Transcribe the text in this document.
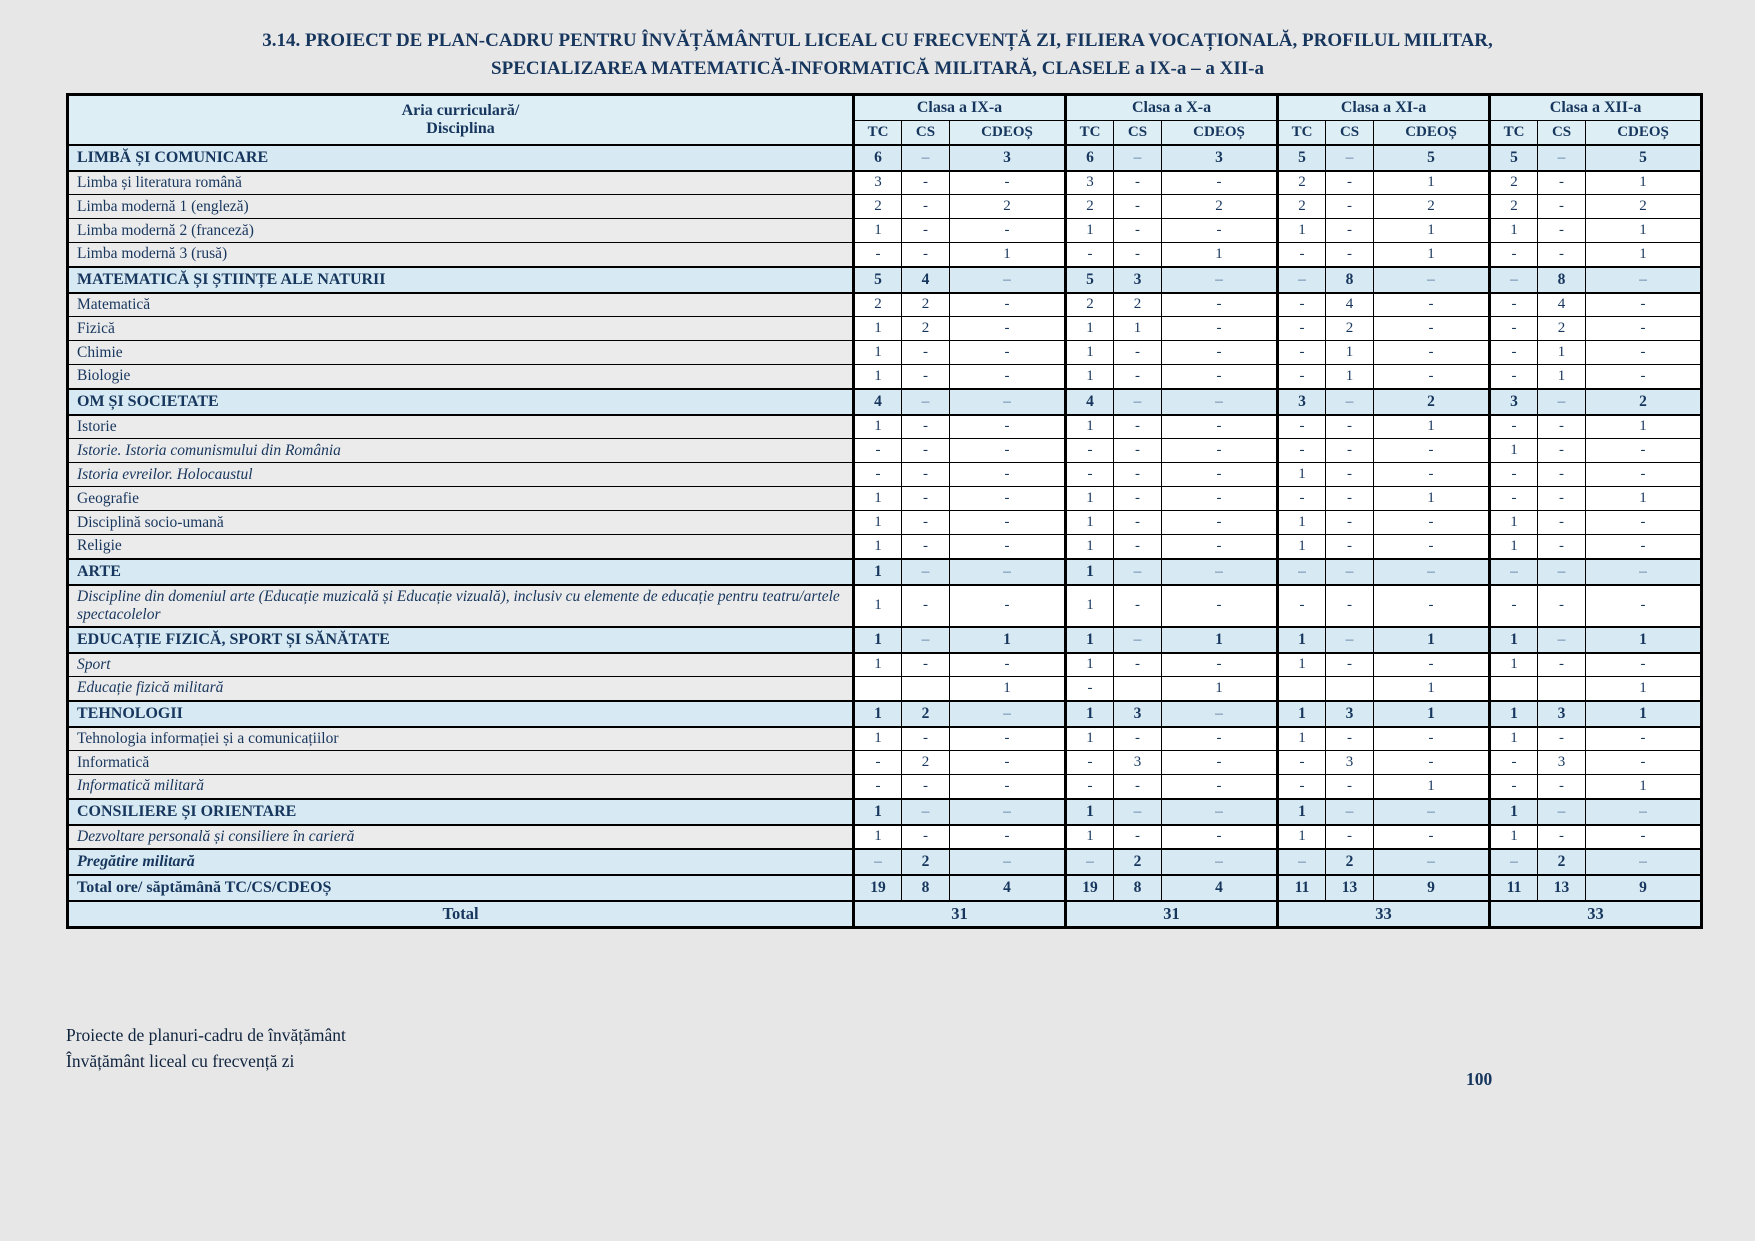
3.14. PROIECT DE PLAN-CADRU PENTRU ÎNVĂȚĂMÂNTUL LICEAL CU FRECVENȚĂ ZI, FILIERA VOCAȚIONALĂ, PROFILUL MILITAR,
SPECIALIZAREA MATEMATICĂ-INFORMATICĂ MILITARĂ, CLASELE a IX-a – a XII-a
Aria curriculară/
Disciplina	Clasa a IX-a			Clasa a X-a			Clasa a XI-a			Clasa a XII-a		
	TC	CS	CDEOȘ	TC	CS	CDEOȘ	TC	CS	CDEOȘ	TC	CS	CDEOȘ
LIMBĂ ȘI COMUNICARE	6	–	3	6	–	3	5	–	5	5	–	5
Limba și literatura română	3	-	-	3	-	-	2	-	1	2	-	1
Limba modernă 1 (engleză)	2	-	2	2	-	2	2	-	2	2	-	2
Limba modernă 2 (franceză)	1	-	-	1	-	-	1	-	1	1	-	1
Limba modernă 3 (rusă)	-	-	1	-	-	1	-	-	1	-	-	1
MATEMATICĂ ȘI ȘTIINȚE ALE NATURII	5	4	–	5	3	–	–	8	–	–	8	–
Matematică	2	2	-	2	2	-	-	4	-	-	4	-
Fizică	1	2	-	1	1	-	-	2	-	-	2	-
Chimie	1	-	-	1	-	-	-	1	-	-	1	-
Biologie	1	-	-	1	-	-	-	1	-	-	1	-
OM ȘI SOCIETATE	4	–	–	4	–	–	3	–	2	3	–	2
Istorie	1	-	-	1	-	-	-	-	1	-	-	1
Istorie. Istoria comunismului din România	-	-	-	-	-	-	-	-	-	1	-	-
Istoria evreilor. Holocaustul	-	-	-	-	-	-	1	-	-	-	-	-
Geografie	1	-	-	1	-	-	-	-	1	-	-	1
Disciplină socio-umană	1	-	-	1	-	-	1	-	-	1	-	-
Religie	1	-	-	1	-	-	1	-	-	1	-	-
ARTE	1	–	–	1	–	–	–	–	–	–	–	–
Discipline din domeniul arte (Educație muzicală și Educație vizuală), inclusiv cu elemente de educație pentru teatru/artele spectacolelor	1	-	-	1	-	-	-	-	-	-	-	-
EDUCAȚIE FIZICĂ, SPORT ȘI SĂNĂTATE	1	–	1	1	–	1	1	–	1	1	–	1
Sport	1	-	-	1	-	-	1	-	-	1	-	-
Educație fizică militară			1	-		1			1			1
TEHNOLOGII	1	2	–	1	3	–	1	3	1	1	3	1
Tehnologia informației și a comunicațiilor	1	-	-	1	-	-	1	-	-	1	-	-
Informatică	-	2	-	-	3	-	-	3	-	-	3	-
Informatică militară	-	-	-	-	-	-	-	-	1	-	-	1
CONSILIERE ȘI ORIENTARE	1	–	–	1	–	–	1	–	–	1	–	–
Dezvoltare personală și consiliere în carieră	1	-	-	1	-	-	1	-	-	1	-	-
Pregătire militară	–	2	–	–	2	–	–	2	–	–	2	–
Total ore/ săptămână TC/CS/CDEOȘ	19	8	4	19	8	4	11	13	9	11	13	9
Total	31			31			33			33		
Proiecte de planuri-cadru de învățământ
Învățământ liceal cu frecvență zi
100
